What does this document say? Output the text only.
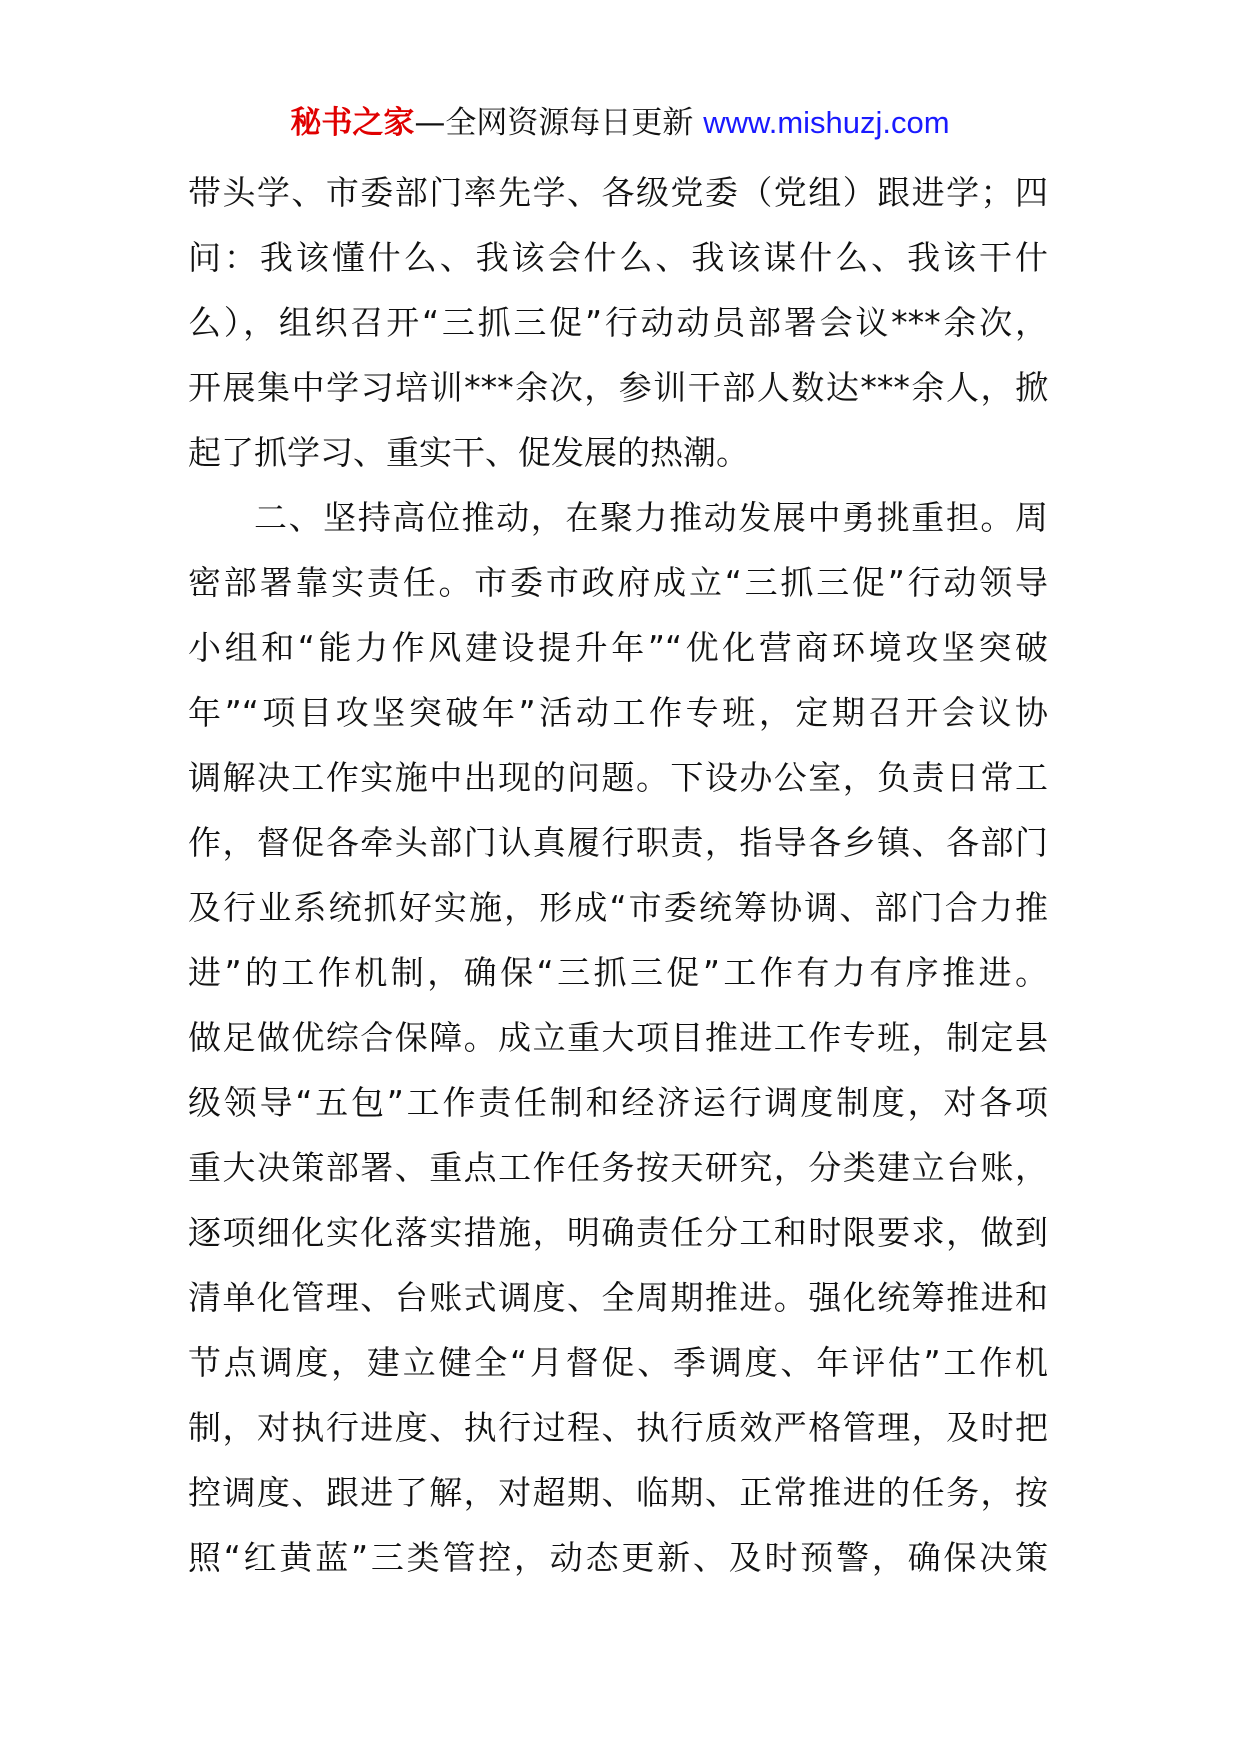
秘书之家—全网资源每日更新 www.mishuzj.com
带头学、市委部门率先学、各级党委（党组）跟进学；四
问：我该懂什么、我该会什么、我该谋什么、我该干什
么），组织召开“三抓三促”行动动员部署会议***余次，
开展集中学习培训***余次，参训干部人数达***余人，掀
起了抓学习、重实干、促发展的热潮。
二、坚持高位推动，在聚力推动发展中勇挑重担。周
密部署靠实责任。市委市政府成立“三抓三促”行动领导
小组和“能力作风建设提升年”“优化营商环境攻坚突破
年”“项目攻坚突破年”活动工作专班，定期召开会议协
调解决工作实施中出现的问题。下设办公室，负责日常工
作，督促各牵头部门认真履行职责，指导各乡镇、各部门
及行业系统抓好实施，形成“市委统筹协调、部门合力推
进”的工作机制，确保“三抓三促”工作有力有序推进。
做足做优综合保障。成立重大项目推进工作专班，制定县
级领导“五包”工作责任制和经济运行调度制度，对各项
重大决策部署、重点工作任务按天研究，分类建立台账，
逐项细化实化落实措施，明确责任分工和时限要求，做到
清单化管理、台账式调度、全周期推进。强化统筹推进和
节点调度，建立健全“月督促、季调度、年评估”工作机
制，对执行进度、执行过程、执行质效严格管理，及时把
控调度、跟进了解，对超期、临期、正常推进的任务，按
照“红黄蓝”三类管控，动态更新、及时预警，确保决策
